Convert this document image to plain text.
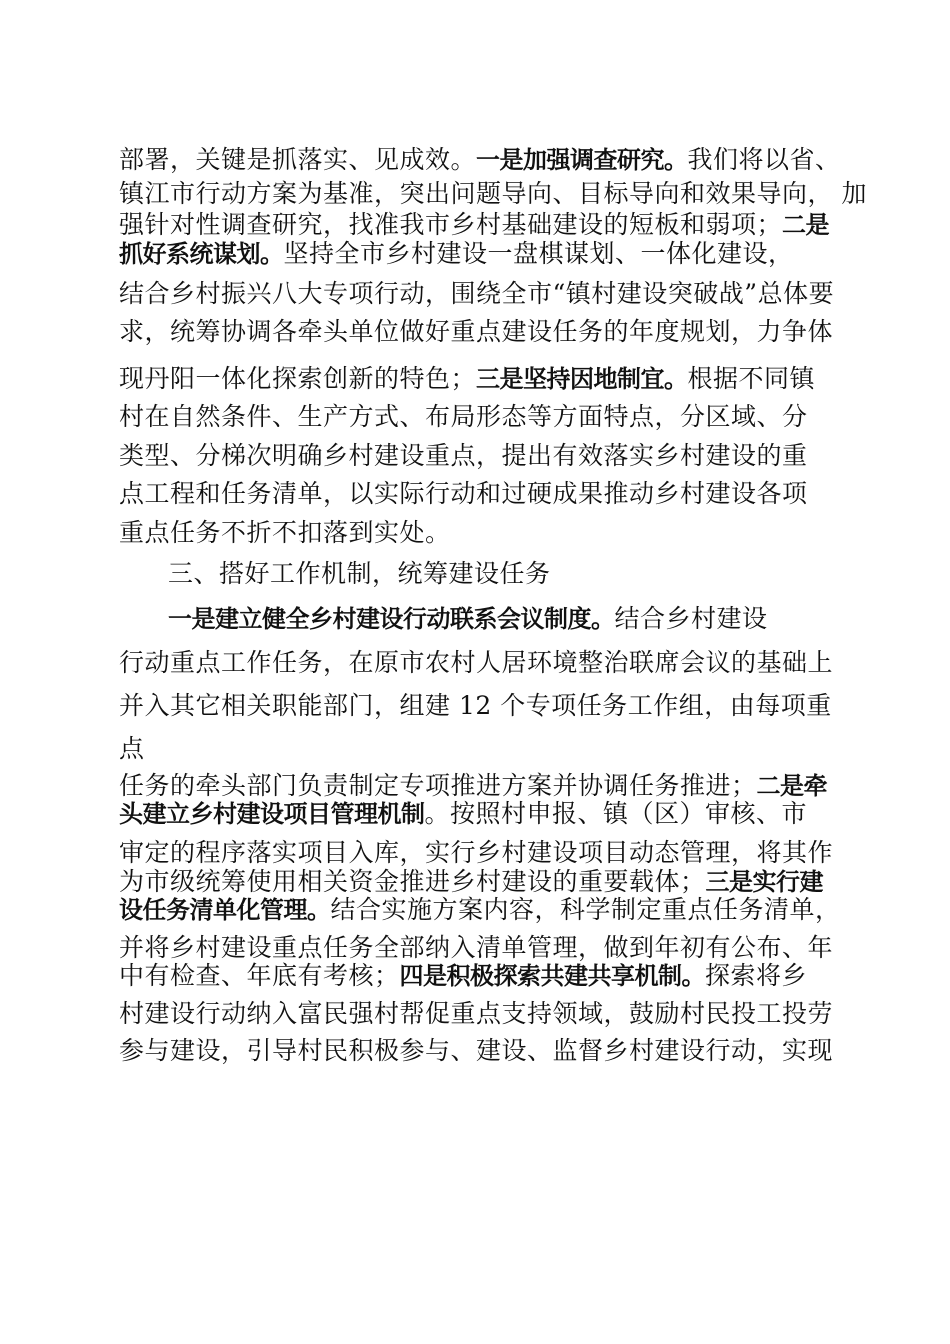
部署，关键是抓落实、见成效。一是加强调查研究。我们将以省、
镇江市行动方案为基准，突出问题导向、目标导向和效果导向， 加
强针对性调查研究，找准我市乡村基础建设的短板和弱项；二是
抓好系统谋划。坚持全市乡村建设一盘棋谋划、一体化建设，
结合乡村振兴八大专项行动，围绕全市“镇村建设突破战”总体要
求，统筹协调各牵头单位做好重点建设任务的年度规划，力争体
现丹阳一体化探索创新的特色；三是坚持因地制宜。根据不同镇
村在自然条件、生产方式、布局形态等方面特点，分区域、分
类型、分梯次明确乡村建设重点，提出有效落实乡村建设的重
点工程和任务清单，以实际行动和过硬成果推动乡村建设各项
重点任务不折不扣落到实处。
三、搭好工作机制，统筹建设任务
一是建立健全乡村建设行动联系会议制度。结合乡村建设
行动重点工作任务，在原市农村人居环境整治联席会议的基础上
并入其它相关职能部门，组建 12 个专项任务工作组，由每项重
点
任务的牵头部门负责制定专项推进方案并协调任务推进；二是牵
头建立乡村建设项目管理机制。按照村申报、镇（区）审核、市
审定的程序落实项目入库，实行乡村建设项目动态管理，将其作
为市级统筹使用相关资金推进乡村建设的重要载体；三是实行建
设任务清单化管理。结合实施方案内容，科学制定重点任务清单，
并将乡村建设重点任务全部纳入清单管理，做到年初有公布、年
中有检查、年底有考核；四是积极探索共建共享机制。探索将乡
村建设行动纳入富民强村帮促重点支持领域，鼓励村民投工投劳
参与建设，引导村民积极参与、建设、监督乡村建设行动，实现
